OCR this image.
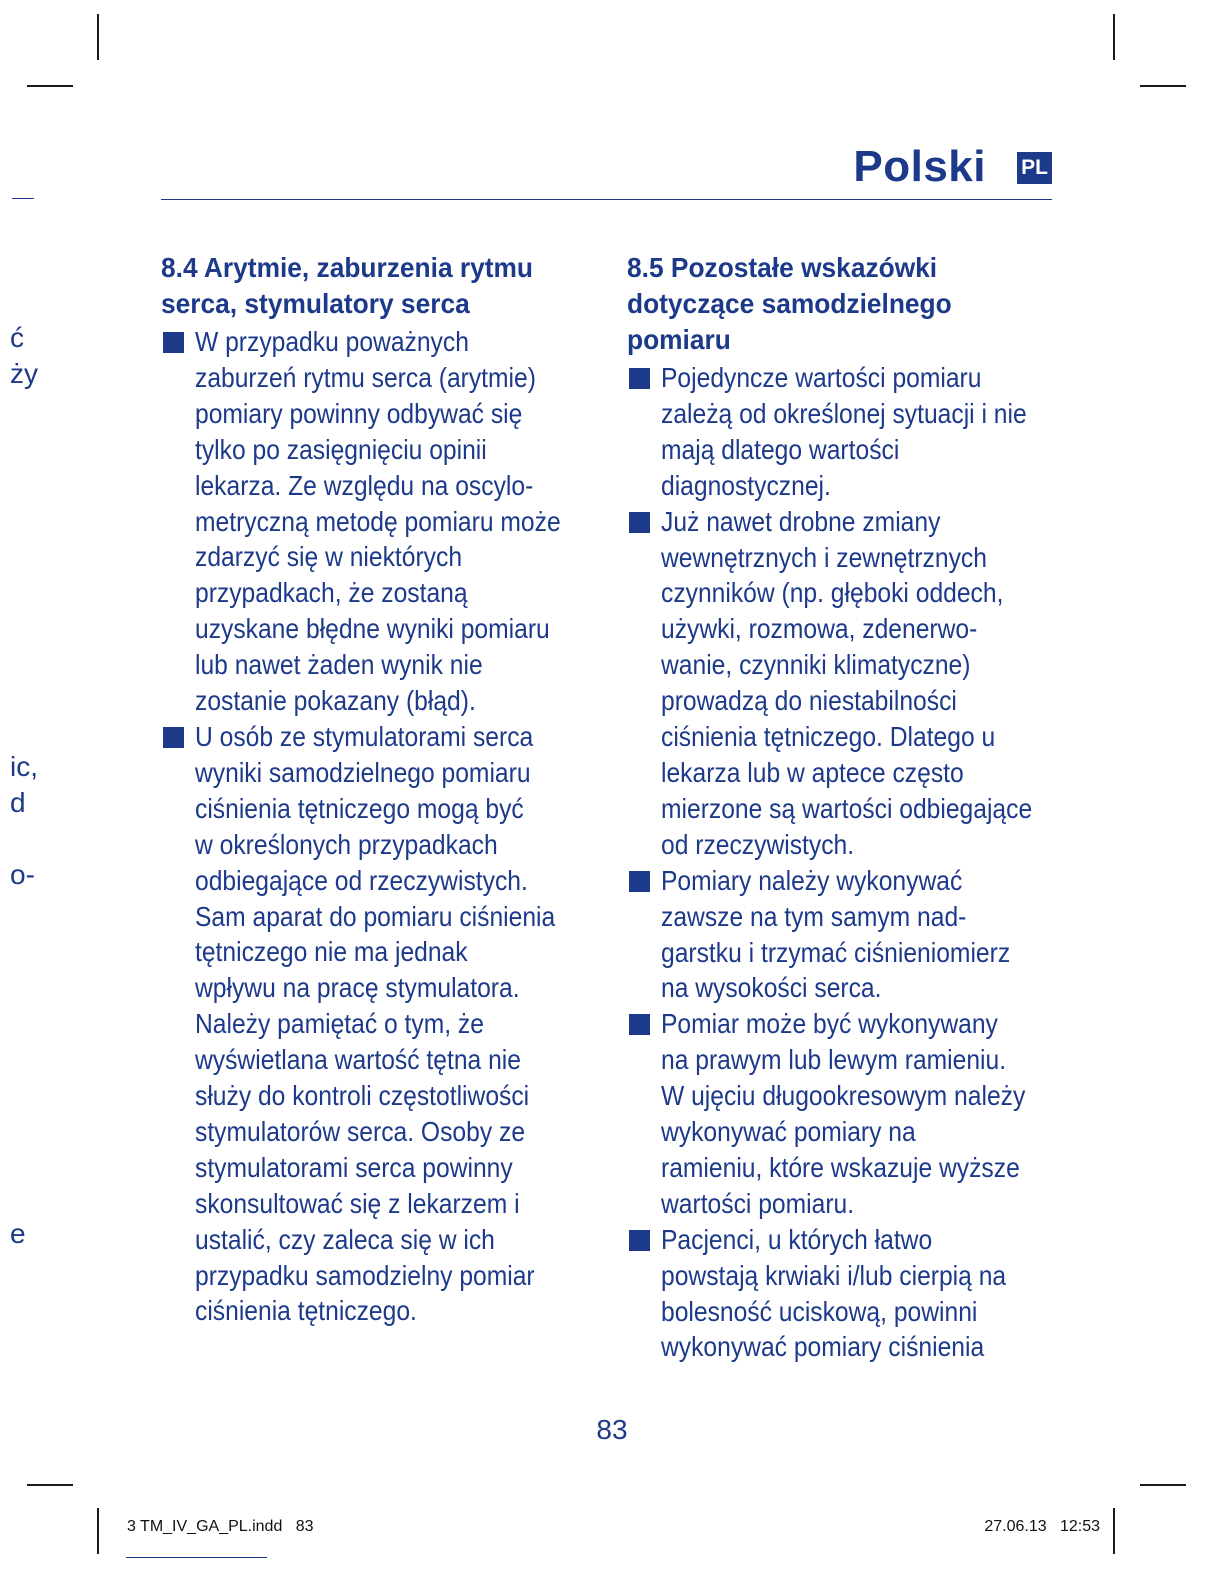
ć
ży
ic,
d
o-
e
Polski PL
8.4 Arytmie, zaburzenia rytmu
serca, stymulatory serca
W przypadku poważnych
zaburzeń rytmu serca (arytmie)
pomiary powinny odbywać się
tylko po zasięgnięciu opinii
lekarza. Ze względu na oscylo-
metryczną metodę pomiaru może
zdarzyć się w niektórych
przypadkach, że zostaną
uzyskane błędne wyniki pomiaru
lub nawet żaden wynik nie
zostanie pokazany (błąd).
U osób ze stymulatorami serca
wyniki samodzielnego pomiaru
ciśnienia tętniczego mogą być
w określonych przypadkach
odbiegające od rzeczywistych.
Sam aparat do pomiaru ciśnienia
tętniczego nie ma jednak
wpływu na pracę stymulatora.
Należy pamiętać o tym, że
wyświetlana wartość tętna nie
służy do kontroli częstotliwości
stymulatorów serca. Osoby ze
stymulatorami serca powinny
skonsultować się z lekarzem i
ustalić, czy zaleca się w ich
przypadku samodzielny pomiar
ciśnienia tętniczego.
8.5 Pozostałe wskazówki
dotyczące samodzielnego
pomiaru
Pojedyncze wartości pomiaru
zależą od określonej sytuacji i nie
mają dlatego wartości
diagnostycznej.
Już nawet drobne zmiany
wewnętrznych i zewnętrznych
czynników (np. głęboki oddech,
używki, rozmowa, zdenerwo-
wanie, czynniki klimatyczne)
prowadzą do niestabilności
ciśnienia tętniczego. Dlatego u
lekarza lub w aptece często
mierzone są wartości odbiegające
od rzeczywistych.
Pomiary należy wykonywać
zawsze na tym samym nad-
garstku i trzymać ciśnieniomierz
na wysokości serca.
Pomiar może być wykonywany
na prawym lub lewym ramieniu.
W ujęciu długookresowym należy
wykonywać pomiary na
ramieniu, które wskazuje wyższe
wartości pomiaru.
Pacjenci, u których łatwo
powstają krwiaki i/lub cierpią na
bolesność uciskową, powinni
wykonywać pomiary ciśnienia
83
3 TM_IV_GA_PL.indd   83	27.06.13   12:53
